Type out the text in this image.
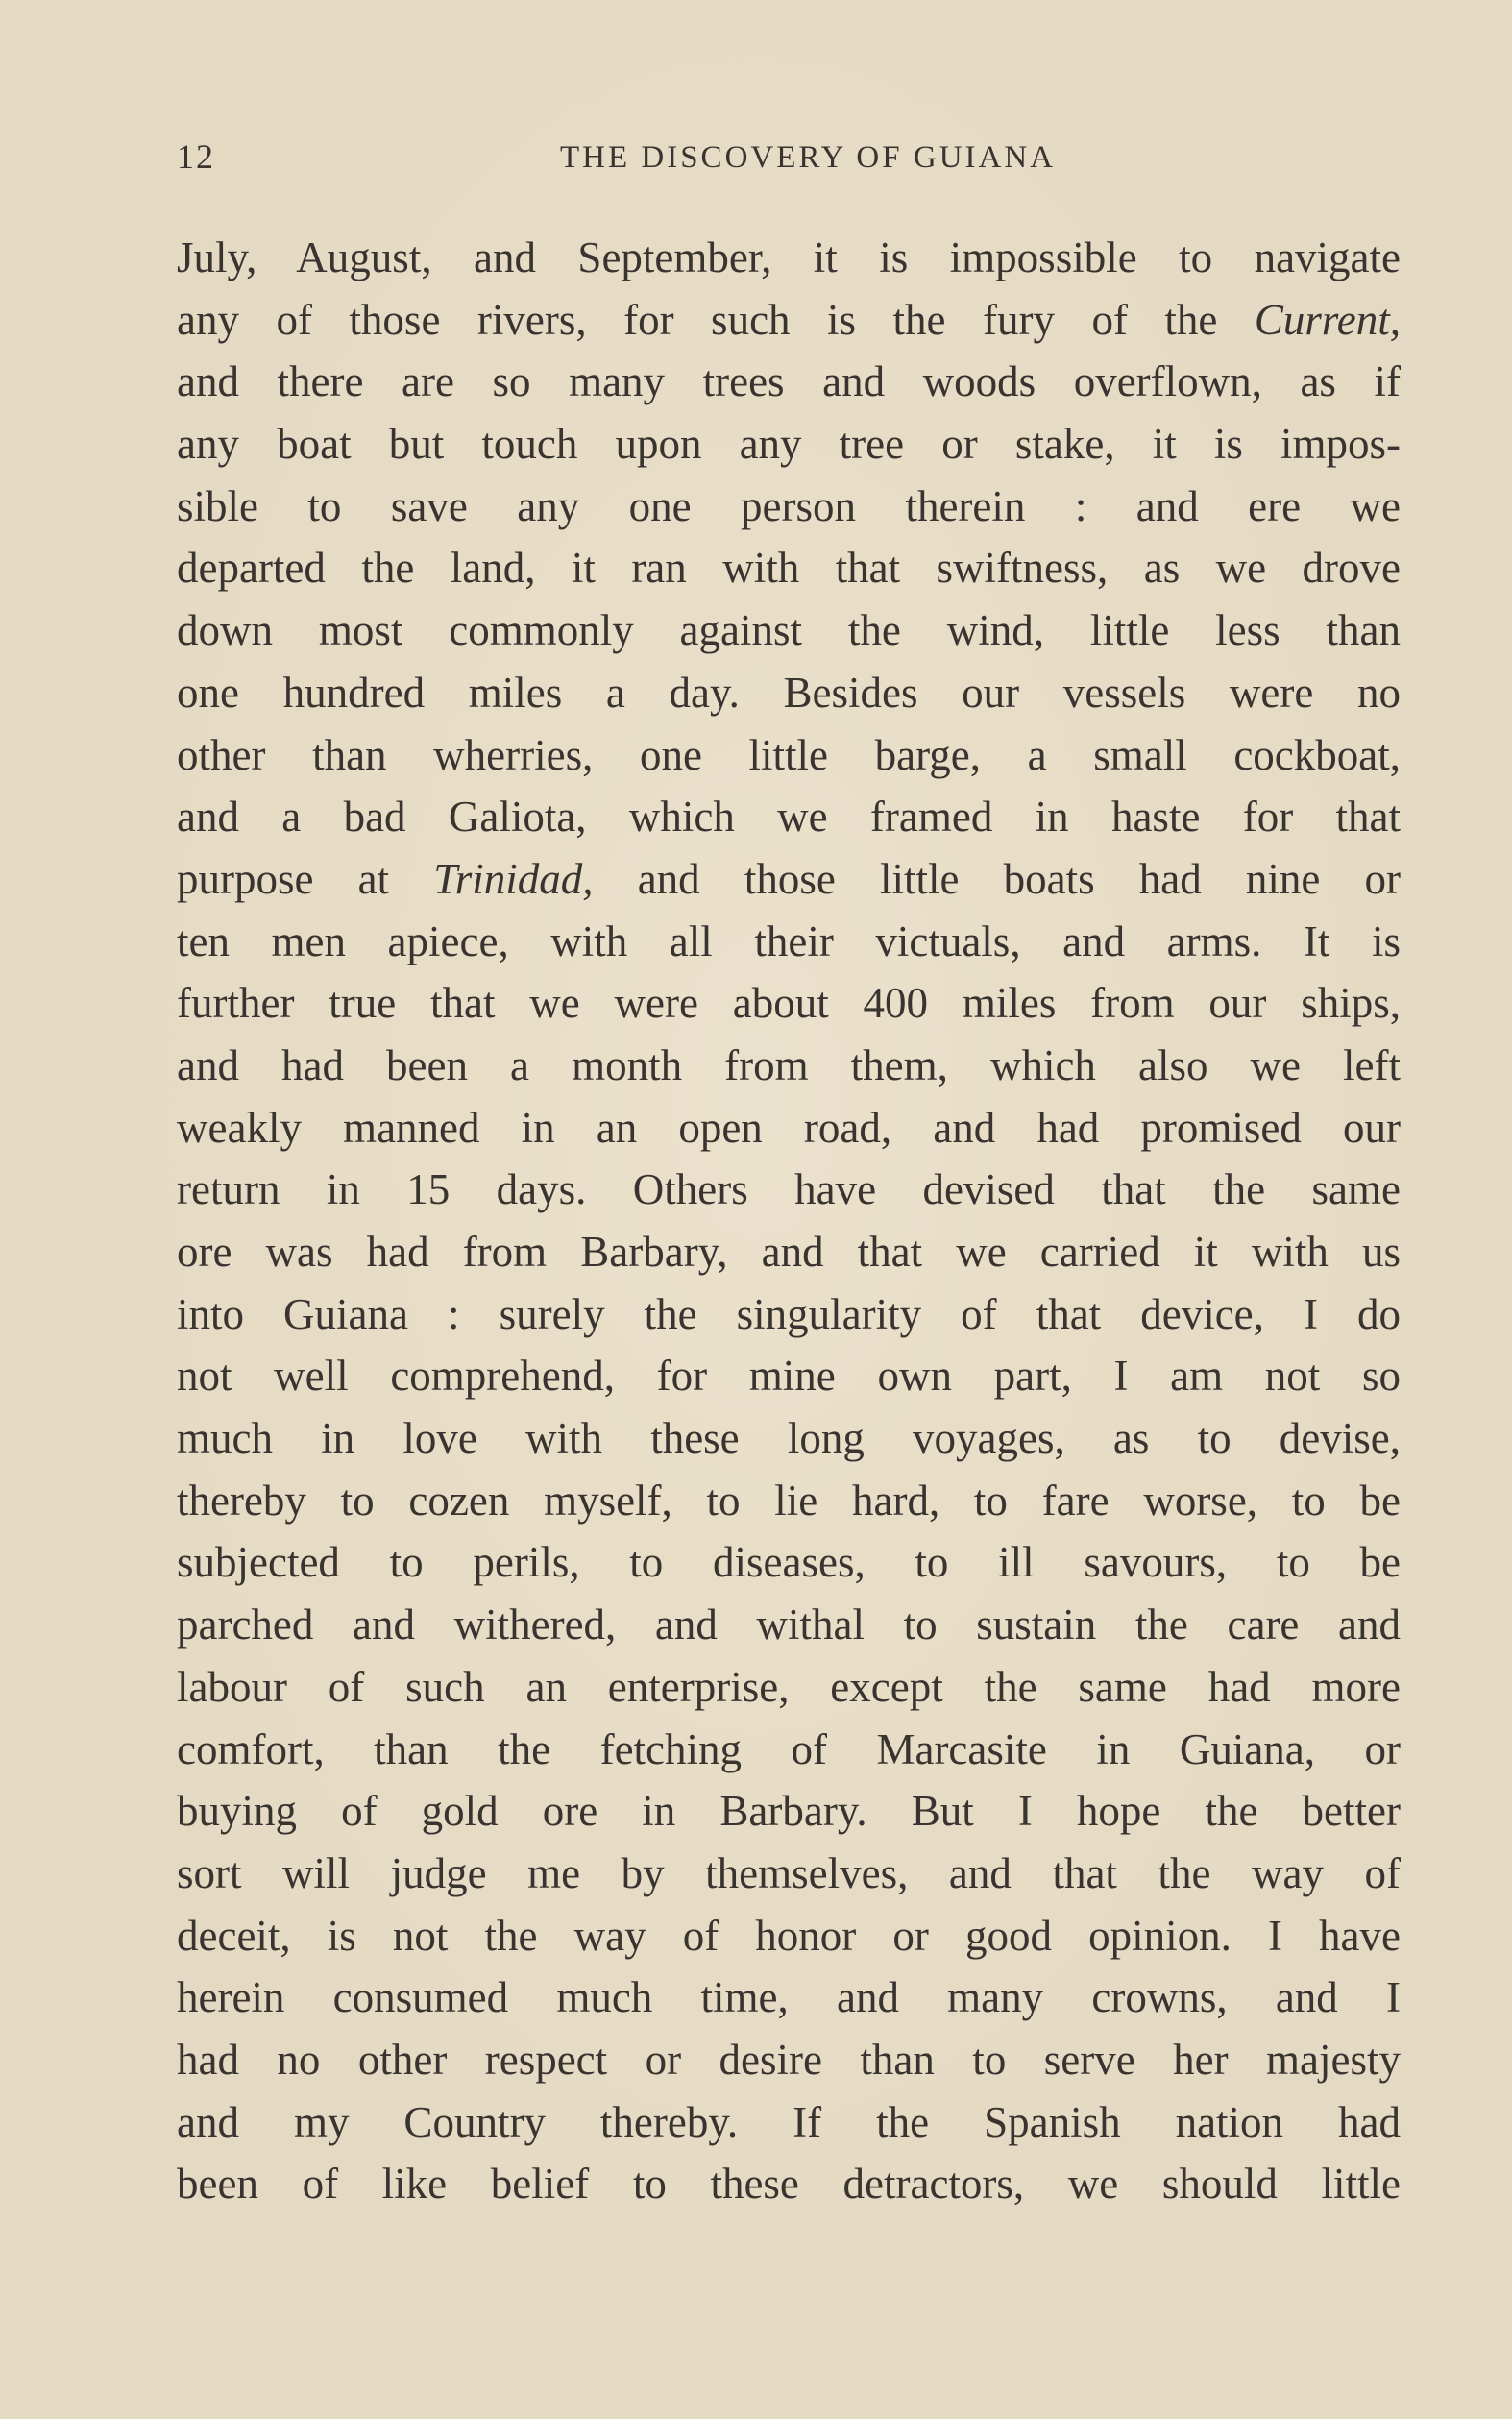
12	THE DISCOVERY OF GUIANA
July, August, and September, it is impossible to navigate
any of those rivers, for such is the fury of the Current,
and there are so many trees and woods overflown, as if
any boat but touch upon any tree or stake, it is impos-
sible to save any one person therein : and ere we
departed the land, it ran with that swiftness, as we drove
down most commonly against the wind, little less than
one hundred miles a day. Besides our vessels were no
other than wherries, one little barge, a small cockboat,
and a bad Galiota, which we framed in haste for that
purpose at Trinidad, and those little boats had nine or
ten men apiece, with all their victuals, and arms. It is
further true that we were about 400 miles from our ships,
and had been a month from them, which also we left
weakly manned in an open road, and had promised our
return in 15 days. Others have devised that the same
ore was had from Barbary, and that we carried it with us
into Guiana : surely the singularity of that device, I do
not well comprehend, for mine own part, I am not so
much in love with these long voyages, as to devise,
thereby to cozen myself, to lie hard, to fare worse, to be
subjected to perils, to diseases, to ill savours, to be
parched and withered, and withal to sustain the care and
labour of such an enterprise, except the same had more
comfort, than the fetching of Marcasite in Guiana, or
buying of gold ore in Barbary. But I hope the better
sort will judge me by themselves, and that the way of
deceit, is not the way of honor or good opinion. I have
herein consumed much time, and many crowns, and I
had no other respect or desire than to serve her majesty
and my Country thereby. If the Spanish nation had
been of like belief to these detractors, we should little
